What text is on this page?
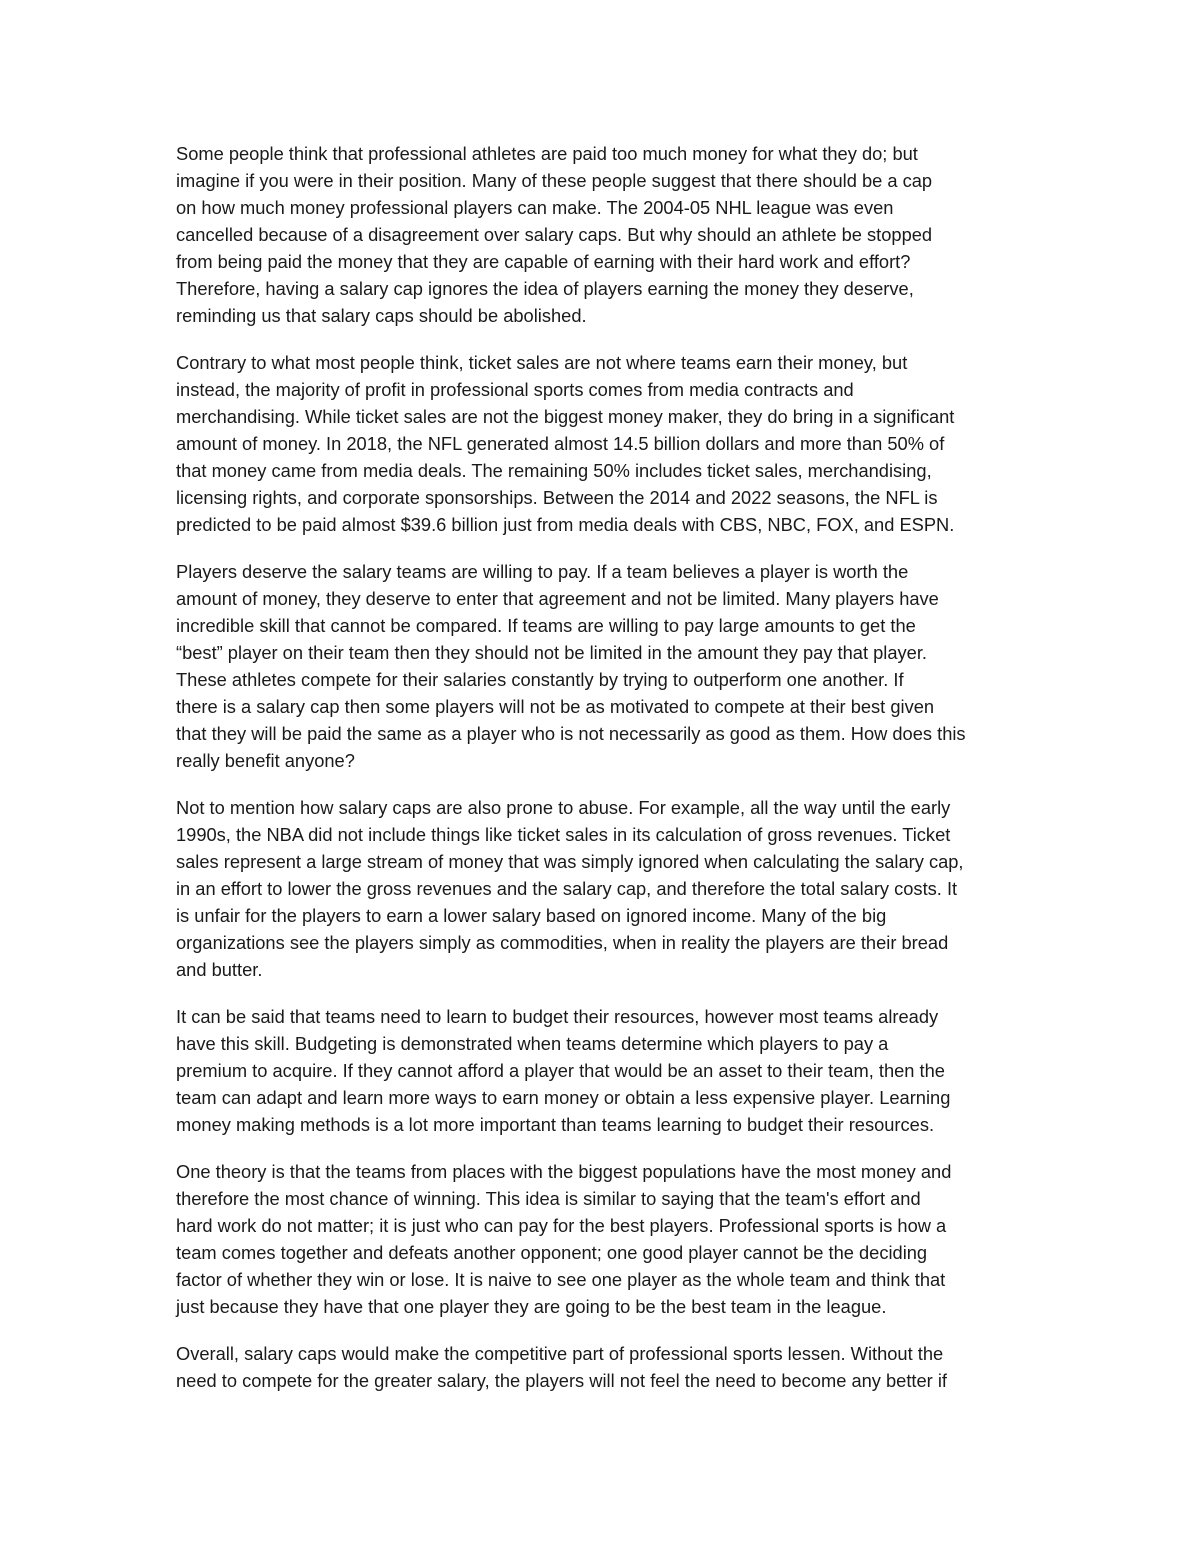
Some people think that professional athletes are paid too much money for what they do; but
imagine if you were in their position. Many of these people suggest that there should be a cap
on how much money professional players can make. The 2004-05 NHL league was even
cancelled because of a disagreement over salary caps. But why should an athlete be stopped
from being paid the money that they are capable of earning with their hard work and effort?
Therefore, having a salary cap ignores the idea of players earning the money they deserve,
reminding us that salary caps should be abolished.

Contrary to what most people think, ticket sales are not where teams earn their money, but
instead, the majority of profit in professional sports comes from media contracts and
merchandising. While ticket sales are not the biggest money maker, they do bring in a significant
amount of money. In 2018, the NFL generated almost 14.5 billion dollars and more than 50% of
that money came from media deals. The remaining 50% includes ticket sales, merchandising,
licensing rights, and corporate sponsorships. Between the 2014 and 2022 seasons, the NFL is
predicted to be paid almost $39.6 billion just from media deals with CBS, NBC, FOX, and ESPN.

Players deserve the salary teams are willing to pay. If a team believes a player is worth the
amount of money, they deserve to enter that agreement and not be limited. Many players have
incredible skill that cannot be compared. If teams are willing to pay large amounts to get the
“best” player on their team then they should not be limited in the amount they pay that player.
These athletes compete for their salaries constantly by trying to outperform one another. If
there is a salary cap then some players will not be as motivated to compete at their best given
that they will be paid the same as a player who is not necessarily as good as them. How does this
really benefit anyone?

Not to mention how salary caps are also prone to abuse. For example, all the way until the early
1990s, the NBA did not include things like ticket sales in its calculation of gross revenues. Ticket
sales represent a large stream of money that was simply ignored when calculating the salary cap,
in an effort to lower the gross revenues and the salary cap, and therefore the total salary costs. It
is unfair for the players to earn a lower salary based on ignored income. Many of the big
organizations see the players simply as commodities, when in reality the players are their bread
and butter.

It can be said that teams need to learn to budget their resources, however most teams already
have this skill. Budgeting is demonstrated when teams determine which players to pay a
premium to acquire. If they cannot afford a player that would be an asset to their team, then the
team can adapt and learn more ways to earn money or obtain a less expensive player. Learning
money making methods is a lot more important than teams learning to budget their resources.

One theory is that the teams from places with the biggest populations have the most money and
therefore the most chance of winning. This idea is similar to saying that the team's effort and
hard work do not matter; it is just who can pay for the best players. Professional sports is how a
team comes together and defeats another opponent; one good player cannot be the deciding
factor of whether they win or lose. It is naive to see one player as the whole team and think that
just because they have that one player they are going to be the best team in the league.

Overall, salary caps would make the competitive part of professional sports lessen. Without the
need to compete for the greater salary, the players will not feel the need to become any better if
